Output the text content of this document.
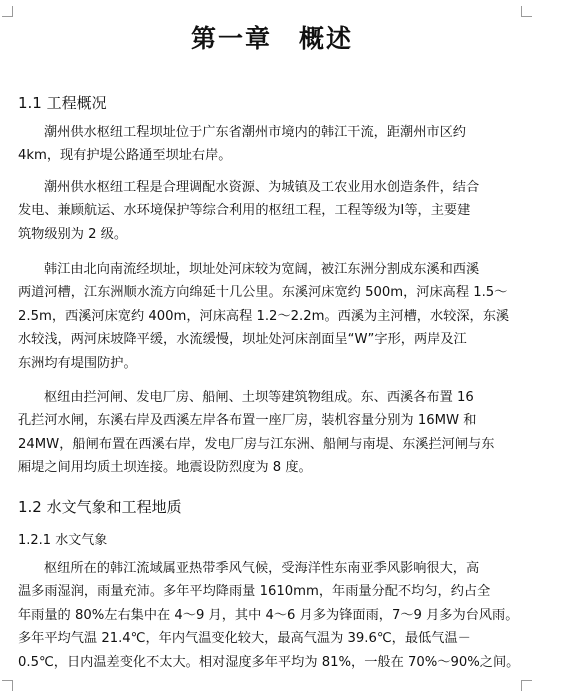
第一章　概述
1.1 工程概况
潮州供水枢纽工程坝址位于广东省潮州市境内的韩江干流，距潮州市区约
4km，现有护堤公路通至坝址右岸。
潮州供水枢纽工程是合理调配水资源、为城镇及工农业用水创造条件，结合
发电、兼顾航运、水环境保护等综合利用的枢纽工程，工程等级为Ⅰ等，主要建
筑物级别为 2 级。
韩江由北向南流经坝址，坝址处河床较为宽阔，被江东洲分割成东溪和西溪
两道河槽，江东洲顺水流方向绵延十几公里。东溪河床宽约 500m，河床高程 1.5～
2.5m，西溪河床宽约 400m，河床高程 1.2～2.2m。西溪为主河槽，水较深，东溪
水较浅，两河床坡降平缓，水流缓慢，坝址处河床剖面呈“W”字形，两岸及江
东洲均有堤围防护。
枢纽由拦河闸、发电厂房、船闸、土坝等建筑物组成。东、西溪各布置 16
孔拦河水闸，东溪右岸及西溪左岸各布置一座厂房，装机容量分别为 16MW 和
24MW，船闸布置在西溪右岸，发电厂房与江东洲、船闸与南堤、东溪拦河闸与东
厢堤之间用均质土坝连接。地震设防烈度为 8 度。
1.2 水文气象和工程地质
1.2.1 水文气象
枢纽所在的韩江流域属亚热带季风气候，受海洋性东南亚季风影响很大，高
温多雨湿润，雨量充沛。多年平均降雨量 1610mm，年雨量分配不均匀，约占全
年雨量的 80%左右集中在 4～9 月，其中 4～6 月多为锋面雨，7～9 月多为台风雨。
多年平均气温 21.4℃，年内气温变化较大，最高气温为 39.6℃，最低气温－
0.5℃，日内温差变化不太大。相对湿度多年平均为 81%，一般在 70%～90%之间。
